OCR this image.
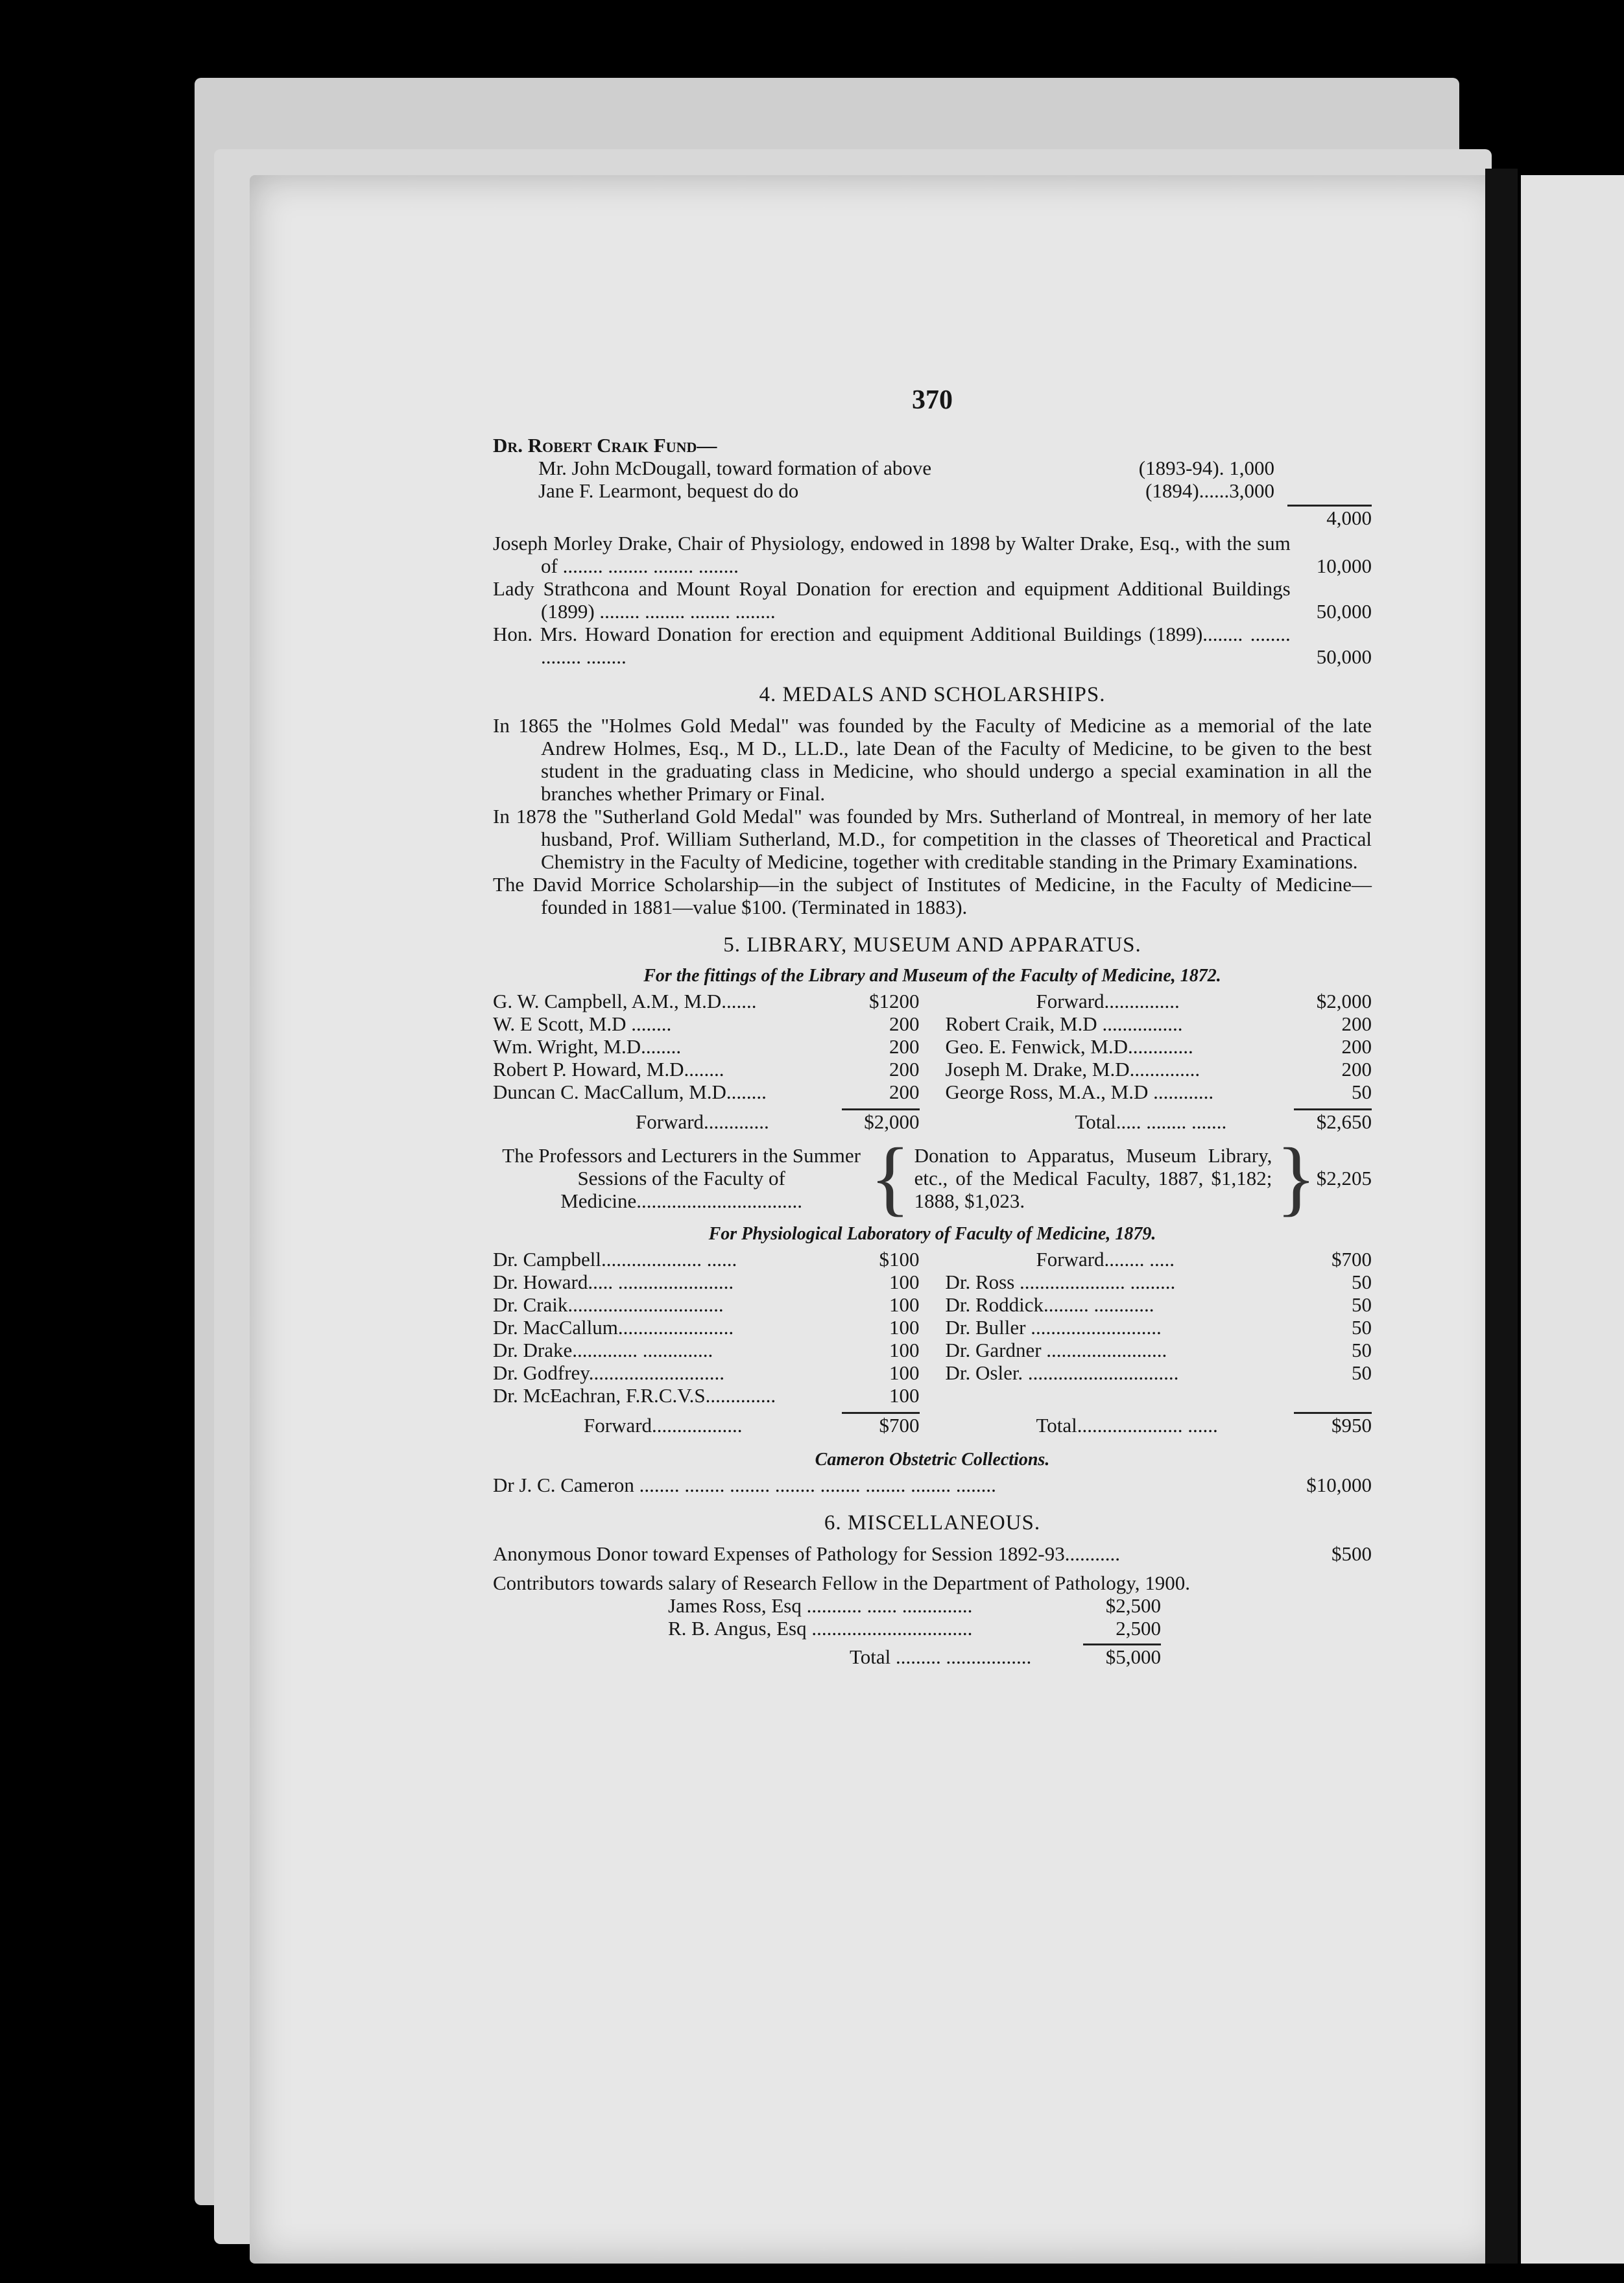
370
Dr. Robert Craik Fund—
Mr. John McDougall, toward formation of above	(1893-94). 1,000
Jane F. Learmont, bequest do do	(1894)......3,000
4,000
Joseph Morley Drake, Chair of Physiology, endowed in 1898 by Walter Drake, Esq., with the sum of ........ ........ ........ ........	10,000
Lady Strathcona and Mount Royal Donation for erection and equipment Additional Buildings (1899) ........ ........ ........ ........	50,000
Hon. Mrs. Howard Donation for erection and equipment Additional Buildings (1899)........ ........ ........ ........	50,000
4. MEDALS AND SCHOLARSHIPS.
In 1865 the "Holmes Gold Medal" was founded by the Faculty of Medicine as a memorial of the late Andrew Holmes, Esq., M D., LL.D., late Dean of the Faculty of Medicine, to be given to the best student in the graduating class in Medicine, who should undergo a special examination in all the branches whether Primary or Final.
In 1878 the "Sutherland Gold Medal" was founded by Mrs. Sutherland of Montreal, in memory of her late husband, Prof. William Sutherland, M.D., for competition in the classes of Theoretical and Practical Chemistry in the Faculty of Medicine, together with creditable standing in the Primary Examinations.
The David Morrice Scholarship—in the subject of Institutes of Medicine, in the Faculty of Medicine—founded in 1881—value $100. (Terminated in 1883).
5. LIBRARY, MUSEUM AND APPARATUS.
For the fittings of the Library and Museum of the Faculty of Medicine, 1872.
G. W. Campbell, A.M., M.D.......	$1200
W. E Scott, M.D ........	200
Wm. Wright, M.D........	200
Robert P. Howard, M.D........	200
Duncan C. MacCallum, M.D........	200
Forward.............	$2,000
Forward...............	$2,000
Robert Craik, M.D ................	200
Geo. E. Fenwick, M.D.............	200
Joseph M. Drake, M.D..............	200
George Ross, M.A., M.D ............	50
Total..... ........ .......	$2,650
The Professors and Lecturers in the Summer Sessions of the Faculty of Medicine................................. { Donation to Apparatus, Museum Library, etc., of the Medical Faculty, 1887, $1,182; 1888, $1,023.	} $2,205
For Physiological Laboratory of Faculty of Medicine, 1879.
Dr. Campbell.................... ......	$100
Dr. Howard..... .......................	100
Dr. Craik...............................	100
Dr. MacCallum.......................	100
Dr. Drake............. ..............	100
Dr. Godfrey...........................	100
Dr. McEachran, F.R.C.V.S..............	100
Forward..................	$700
Forward........ .....	$700
Dr. Ross ..................... .........	50
Dr. Roddick......... ............	50
Dr. Buller ..........................	50
Dr. Gardner ........................	50
Dr. Osler. ..............................	50
Total..................... ......	$950
Cameron Obstetric Collections.
Dr J. C. Cameron ........ ........ ........ ........ ........ ........ ........ ........	$10,000
6. MISCELLANEOUS.
Anonymous Donor toward Expenses of Pathology for Session 1892-93...........	$500
Contributors towards salary of Research Fellow in the Department of Pathology, 1900.
James Ross, Esq ........... ...... ..............	$2,500
R. B. Angus, Esq ................................	2,500
Total ......... .................	$5,000
